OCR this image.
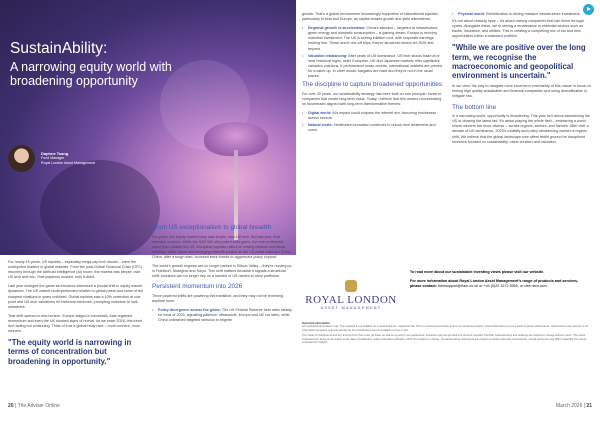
SustainAbility:
A narrowing equity world with broadening opportunity
Daphne Tsang
Fund Manager
Royal London Asset Management

For nearly 15 years, US equities – especially mega-cap tech stocks – were the undisputed leaders of global markets. From the post-Global Financial Crisis (GFC) recovery through the Artificial Intelligence (AI) boom, the mantra was simple: own US tech and win. That playbook worked, until it didn't.

Last year changed the game as investors witnessed a pivotal shift in equity market dynamics. The US market underperformed relative to global peers and some of the sharpest rotations in years unfolded. Global equities saw a 10% correction at one point and US tech valuations hit historical extremes, prompting investors to look elsewhere.

That shift opened a new horizon. Europe staged a comeback, Asia regained momentum and even the UK showed signs of revival. As we enter 2026, this trend isn't fading but continuing. Think of it as a global relay race – more runners, more winners.

"The equity world is narrowing in terms of concentration but broadening in opportunity."
From US exceptionalism to global breadth

For years, the equity market story was simple: own US tech. But last year, that narrative cracked. While the S&P 500 still posted solid gains, the real excitement came from outside the US. European equities rallied on easing inflation and fiscal stimulus, while Japan and emerging markets surged as the US dollar softened. Even China, after a tough start, bounced back thanks to aggressive policy support.

The world's growth engines are no longer parked in Silicon Valley – they're revving up in Frankfurt, Shanghai and Tokyo. This shift matters because it signals a structural shift: investors can no longer rely on a handful of US names to carry portfolios.

Persistent momentum into 2026

Three powerful shifts are powering this transition, and they may not be reversing anytime soon:

• Policy divergence across the globe: The US Federal Reserve held rates steady for most of 2025, signalling patience. Meanwhile, Europe and UK cut rates, while China unleashed targeted stimulus to reignite

growth. That's a global environment increasingly supportive of international equities, particularly in Asia and Europe, as capital chases growth and yield alternatives.

• Regional growth re-acceleration: China's stimulus – targeted at infrastructure, green energy and domestic consumption – is gaining steam. Europe is reviving industrial investment. The UK is seeing inflation cool, with corporate earnings holding firm. These aren't one-off blips; they're structural drivers for 2026 and beyond.
• Valuation rebalancing: After years of US dominance, US tech stocks trade at or near historical highs, while European, UK and Japanese markets offer significant valuation cushions. If performance mean-reverts, international markets are primed for a catch-up. In other words, bargains are back and they're not in the usual places.
The discipline to capture broadened opportunities

For over 20 years, our sustainability strategy has been built on one principle: invest in companies that create long-term value. Today, I believe that this means concentrating on businesses aligned with long-term transformative themes:

• Digital world: AI's impact could surpass the internet era, favouring businesses across sectors.
• Natural world: Healthcare innovation continues to unlock new treatments and cures.
• Physical world: Electrification is driving massive infrastructure investment.

It's not about chasing hype – it's about owning companies that can thrive through cycles. Alongside these, we're seeing a renaissance in essential sectors such as banks, insurance, and utilities. This is creating a compelling mix of old and new opportunities within a balanced portfolio.

"While we are positive over the long term, we recognise the macroeconomic and geopolitical environment is uncertain."

In our view, the way to navigate more short-term uncertainty of this nature is focus on finding high quality sustainable and financial companies and using diversification to mitigate risk.

The bottom line

In a narrowing world, opportunity is broadening. This year isn't about abandoning the US or chasing the latest fad. It's about playing the whole field – embracing a world where winners are more diverse – across regions, sectors, and themes. After over a decade of US dominance, 2025's volatility and policy rebalancing marked a regime shift. We believe that the global landscape now offers fertile ground for disciplined investors focused on sustainability, value creation and valuation.

ROYAL LONDON
ASSET MANAGEMENT

To read more about our sustainable investing views please visit our website.

For more information about Royal London Asset Management's range of products and services, please contact: bdmsupport@rlam.co.uk or +44 (0)20 3272 5950, or visit rlam.com.

Important information

For professional investors only. This material is not suitable for a retail audience. Capital at risk. This is a financial promotion and is not investment advice. Past performance is not a guide to future performance. Reference to any security is for information purposes only and should not be considered a recommendation to buy or sell.

The value of investments and any income from them may go down as well as up and is not guaranteed. Investors may not get back the amount invested. Portfolio characteristics and holdings are subject to change without notice. The views expressed are those of the author at the date of publication unless otherwise indicated, which are subject to change. Forward-looking statements are subject to certain risks and uncertainties. Actual outcomes may differ materially from those expressed or implied.

20 | The Adviser Online	March 2026 | 21
